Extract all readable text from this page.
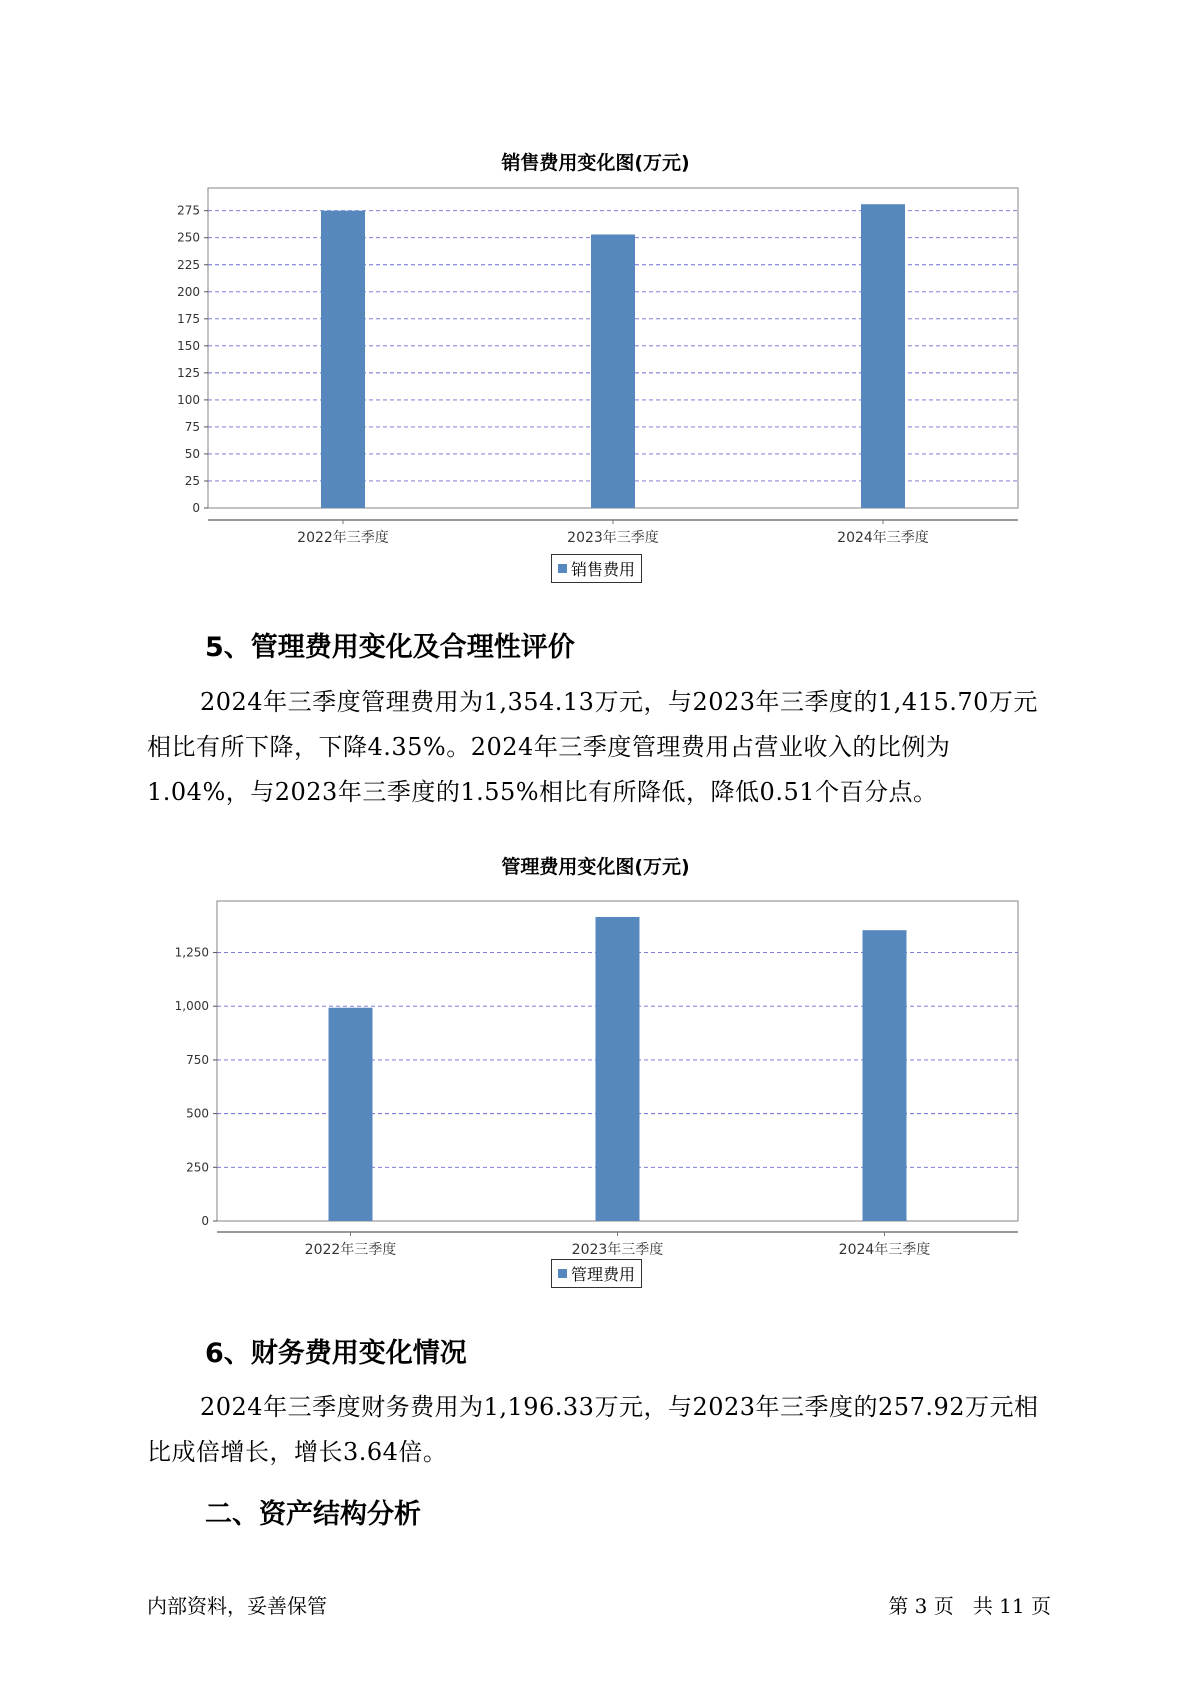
销售费用变化图(万元)
0
25
50
75
100
125
150
175
200
225
250
275
2022年三季度	2023年三季度	2024年三季度
销售费用
5、管理费用变化及合理性评价

2024年三季度管理费用为1,354.13万元，与2023年三季度的1,415.70万元相比有所下降，下降4.35%。2024年三季度管理费用占营业收入的比例为1.04%，与2023年三季度的1.55%相比有所降低，降低0.51个百分点。

管理费用变化图(万元)
0
250
500
750
1,000
1,250
2022年三季度	2023年三季度	2024年三季度
管理费用
6、财务费用变化情况

2024年三季度财务费用为1,196.33万元，与2023年三季度的257.92万元相比成倍增长，增长3.64倍。

二、资产结构分析
内部资料，妥善保管	第 3 页   共 11 页
